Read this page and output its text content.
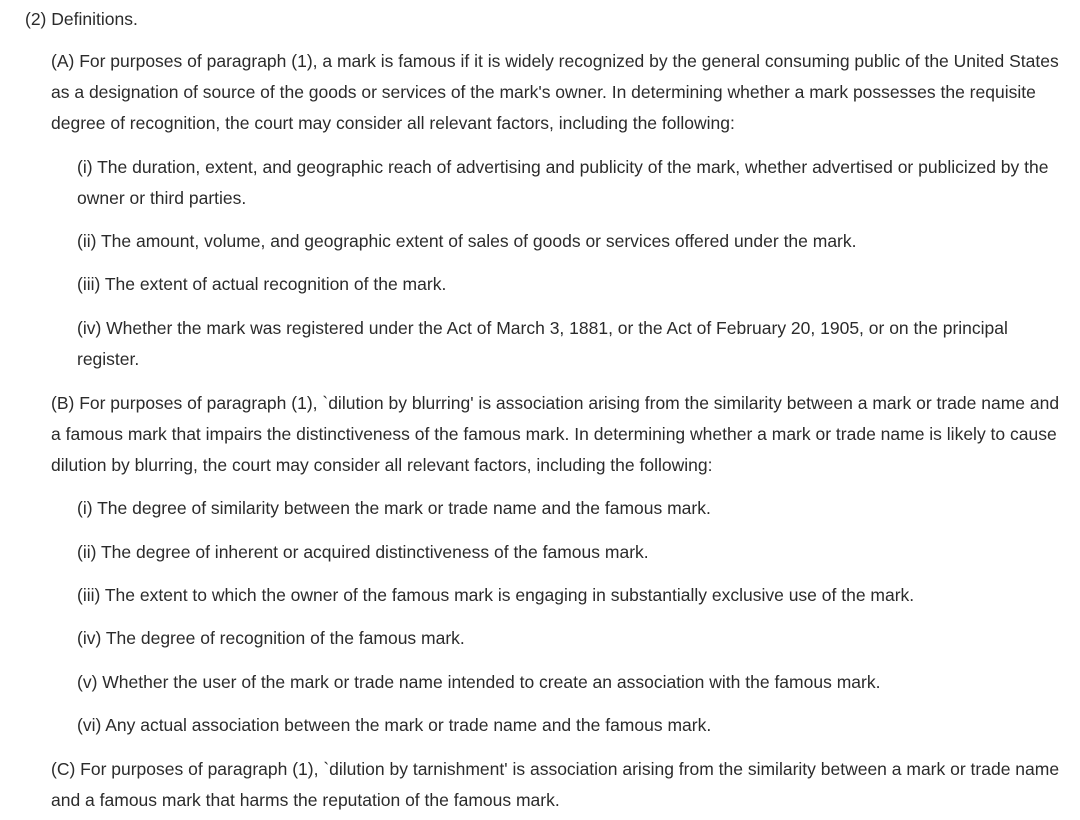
(2) Definitions.

(A) For purposes of paragraph (1), a mark is famous if it is widely recognized by the general consuming public of the United States as a designation of source of the goods or services of the mark's owner. In determining whether a mark possesses the requisite degree of recognition, the court may consider all relevant factors, including the following:

(i) The duration, extent, and geographic reach of advertising and publicity of the mark, whether advertised or publicized by the owner or third parties.

(ii) The amount, volume, and geographic extent of sales of goods or services offered under the mark.

(iii) The extent of actual recognition of the mark.

(iv) Whether the mark was registered under the Act of March 3, 1881, or the Act of February 20, 1905, or on the principal register.

(B) For purposes of paragraph (1), `dilution by blurring' is association arising from the similarity between a mark or trade name and a famous mark that impairs the distinctiveness of the famous mark. In determining whether a mark or trade name is likely to cause dilution by blurring, the court may consider all relevant factors, including the following:

(i) The degree of similarity between the mark or trade name and the famous mark.

(ii) The degree of inherent or acquired distinctiveness of the famous mark.

(iii) The extent to which the owner of the famous mark is engaging in substantially exclusive use of the mark.

(iv) The degree of recognition of the famous mark.

(v) Whether the user of the mark or trade name intended to create an association with the famous mark.

(vi) Any actual association between the mark or trade name and the famous mark.

(C) For purposes of paragraph (1), `dilution by tarnishment' is association arising from the similarity between a mark or trade name and a famous mark that harms the reputation of the famous mark.
